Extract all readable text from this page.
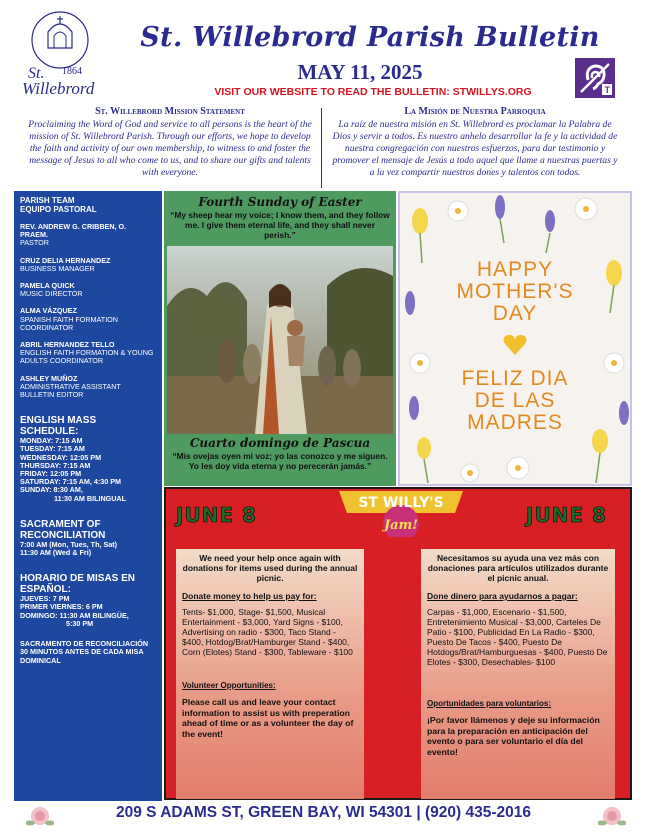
St. 1864
Willebrord
St. Willebrord Parish Bulletin
MAY 11, 2025
VISIT OUR WEBSITE TO READ THE BULLETIN: STWILLYS.ORG	T
St. Willebrord Mission Statement

Proclaiming the Word of God and service to all persons is the heart of the mission of St. Willebrord Parish. Through our efforts, we hope to develop the faith and activity of our own membership, to witness to and foster the message of Jesus to all who come to us, and to share our gifts and talents with everyone.

La Misión de Nuestra Parroquia

La raíz de nuestra misión en St. Willebrord es proclamar la Palabra de Dios y servir a todos. Es nuestro anhelo desarrollar la fe y la actividad de nuestra congregación con nuestros esfuerzos, para dar testimonio y promover el mensaje de Jesús a todo aquel que llame a nuestras puertas y a la vez compartir nuestros dones y talentos con todos.

PARISH TEAM
EQUIPO PASTORAL
REV. ANDREW G. CRIBBEN, O. PRAEM.
PASTOR
CRUZ DELIA HERNANDEZ
BUSINESS MANAGER
PAMELA QUICK
MUSIC DIRECTOR
ALMA VÁZQUEZ
SPANISH FAITH FORMATION COORDINATOR
ABRIL HERNANDEZ TELLO
ENGLISH FAITH FORMATION & YOUNG ADULTS COORDINATOR
ASHLEY MUÑOZ
ADMINISTRATIVE ASSISTANT BULLETIN EDITOR
ENGLISH MASS SCHEDULE:
MONDAY: 7:15 AM
TUESDAY: 7:15 AM
WEDNESDAY: 12:05 PM
THURSDAY: 7:15 AM
FRIDAY: 12:05 PM
SATURDAY: 7:15 AM, 4:30 PM
SUNDAY: 8:30 AM,
11:30 AM BILINGUAL
SACRAMENT OF RECONCILIATION
7:00 AM (Mon, Tues, Th, Sat)
11:30 AM (Wed & Fri)
HORARIO DE MISAS EN ESPAÑOL:
JUEVES: 7 PM
PRIMER VIERNES: 6 PM
DOMINGO: 11:30 AM BILINGÜE,
5:30 PM
SACRAMENTO DE RECONCILIACIÓN
30 MINUTOS ANTES DE CADA MISA DOMINICAL
Fourth Sunday of Easter
“My sheep hear my voice; I know them, and they follow me. I give them eternal life, and they shall never perish.”
Cuarto domingo de Pascua
“Mis ovejas oyen mi voz; yo las conozco y me siguen. Yo les doy vida eterna y no perecerán jamás.”
HAPPY
MOTHER'S
DAY
FELIZ DIA
DE LAS
MADRES
JUNE 8	JUNE 8
ST WILLY'S
Jam!
We need your help once again with donations for items used during the annual picnic.
Donate money to help us pay for:
Tents- $1,000, Stage- $1,500, Musical Entertainment - $3,000, Yard Signs - $100, Advertising on radio - $300, Taco Stand - $400, Hotdog/Brat/Hamburger Stand - $400, Corn (Elotes) Stand - $300, Tableware - $100
Volunteer Opportunities:
Please call us and leave your contact information to assist us with preperation ahead of time or as a volunteer the day of the event!
Necesitamos su ayuda una vez más con donaciones para artículos utilizados durante el picnic anual.
Done dinero para ayudarnos a pagar:
Carpas - $1,000, Escenario - $1,500, Entretenimiento Musical - $3,000, Carteles De Patio - $100, Publicidad En La Radio - $300, Puesto De Tacos - $400, Puesto De Hotdogs/Brat/Hamburguesas - $400, Puesto De Elotes - $300, Desechables- $100
Oportunidades para voluntarios:
¡Por favor llámenos y deje su información para la preparación en anticipación del evento o para ser voluntario el día del evento!
209 S ADAMS ST, GREEN BAY, WI 54301 | (920) 435-2016
